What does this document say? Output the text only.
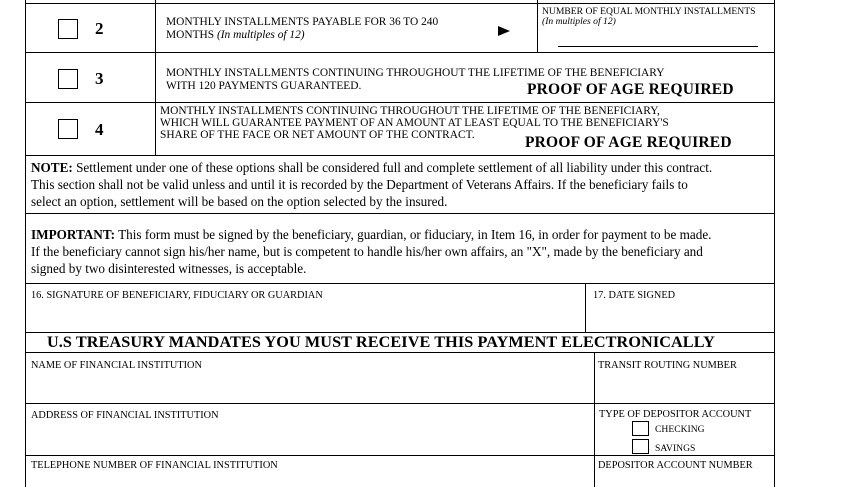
2	MONTHLY INSTALLMENTS PAYABLE FOR 36 TO 240
MONTHS (In multiples of 12)
NUMBER OF EQUAL MONTHLY INSTALLMENTS
(In multiples of 12)
3	MONTHLY INSTALLMENTS CONTINUING THROUGHOUT THE LIFETIME OF THE BENEFICIARY
WITH 120 PAYMENTS GUARANTEED.	PROOF OF AGE REQUIRED
4
MONTHLY INSTALLMENTS CONTINUING THROUGHOUT THE LIFETIME OF THE BENEFICIARY,
WHICH WILL GUARANTEE PAYMENT OF AN AMOUNT AT LEAST EQUAL TO THE BENEFICIARY'S
SHARE OF THE FACE OR NET AMOUNT OF THE CONTRACT.	PROOF OF AGE REQUIRED
NOTE: Settlement under one of these options shall be considered full and complete settlement of all liability under this contract.
This section shall not be valid unless and until it is recorded by the Department of Veterans Affairs. If the beneficiary fails to
select an option, settlement will be based on the option selected by the insured.
IMPORTANT: This form must be signed by the beneficiary, guardian, or fiduciary, in Item 16, in order for payment to be made.
If the beneficiary cannot sign his/her name, but is competent to handle his/her own affairs, an "X", made by the beneficiary and
signed by two disinterested witnesses, is acceptable.
16. SIGNATURE OF BENEFICIARY, FIDUCIARY OR GUARDIAN	17. DATE SIGNED
U.S TREASURY MANDATES YOU MUST RECEIVE THIS PAYMENT ELECTRONICALLY
NAME OF FINANCIAL INSTITUTION	TRANSIT ROUTING NUMBER
ADDRESS OF FINANCIAL INSTITUTION	TYPE OF DEPOSITOR ACCOUNT
CHECKING
SAVINGS
TELEPHONE NUMBER OF FINANCIAL INSTITUTION	DEPOSITOR ACCOUNT NUMBER
